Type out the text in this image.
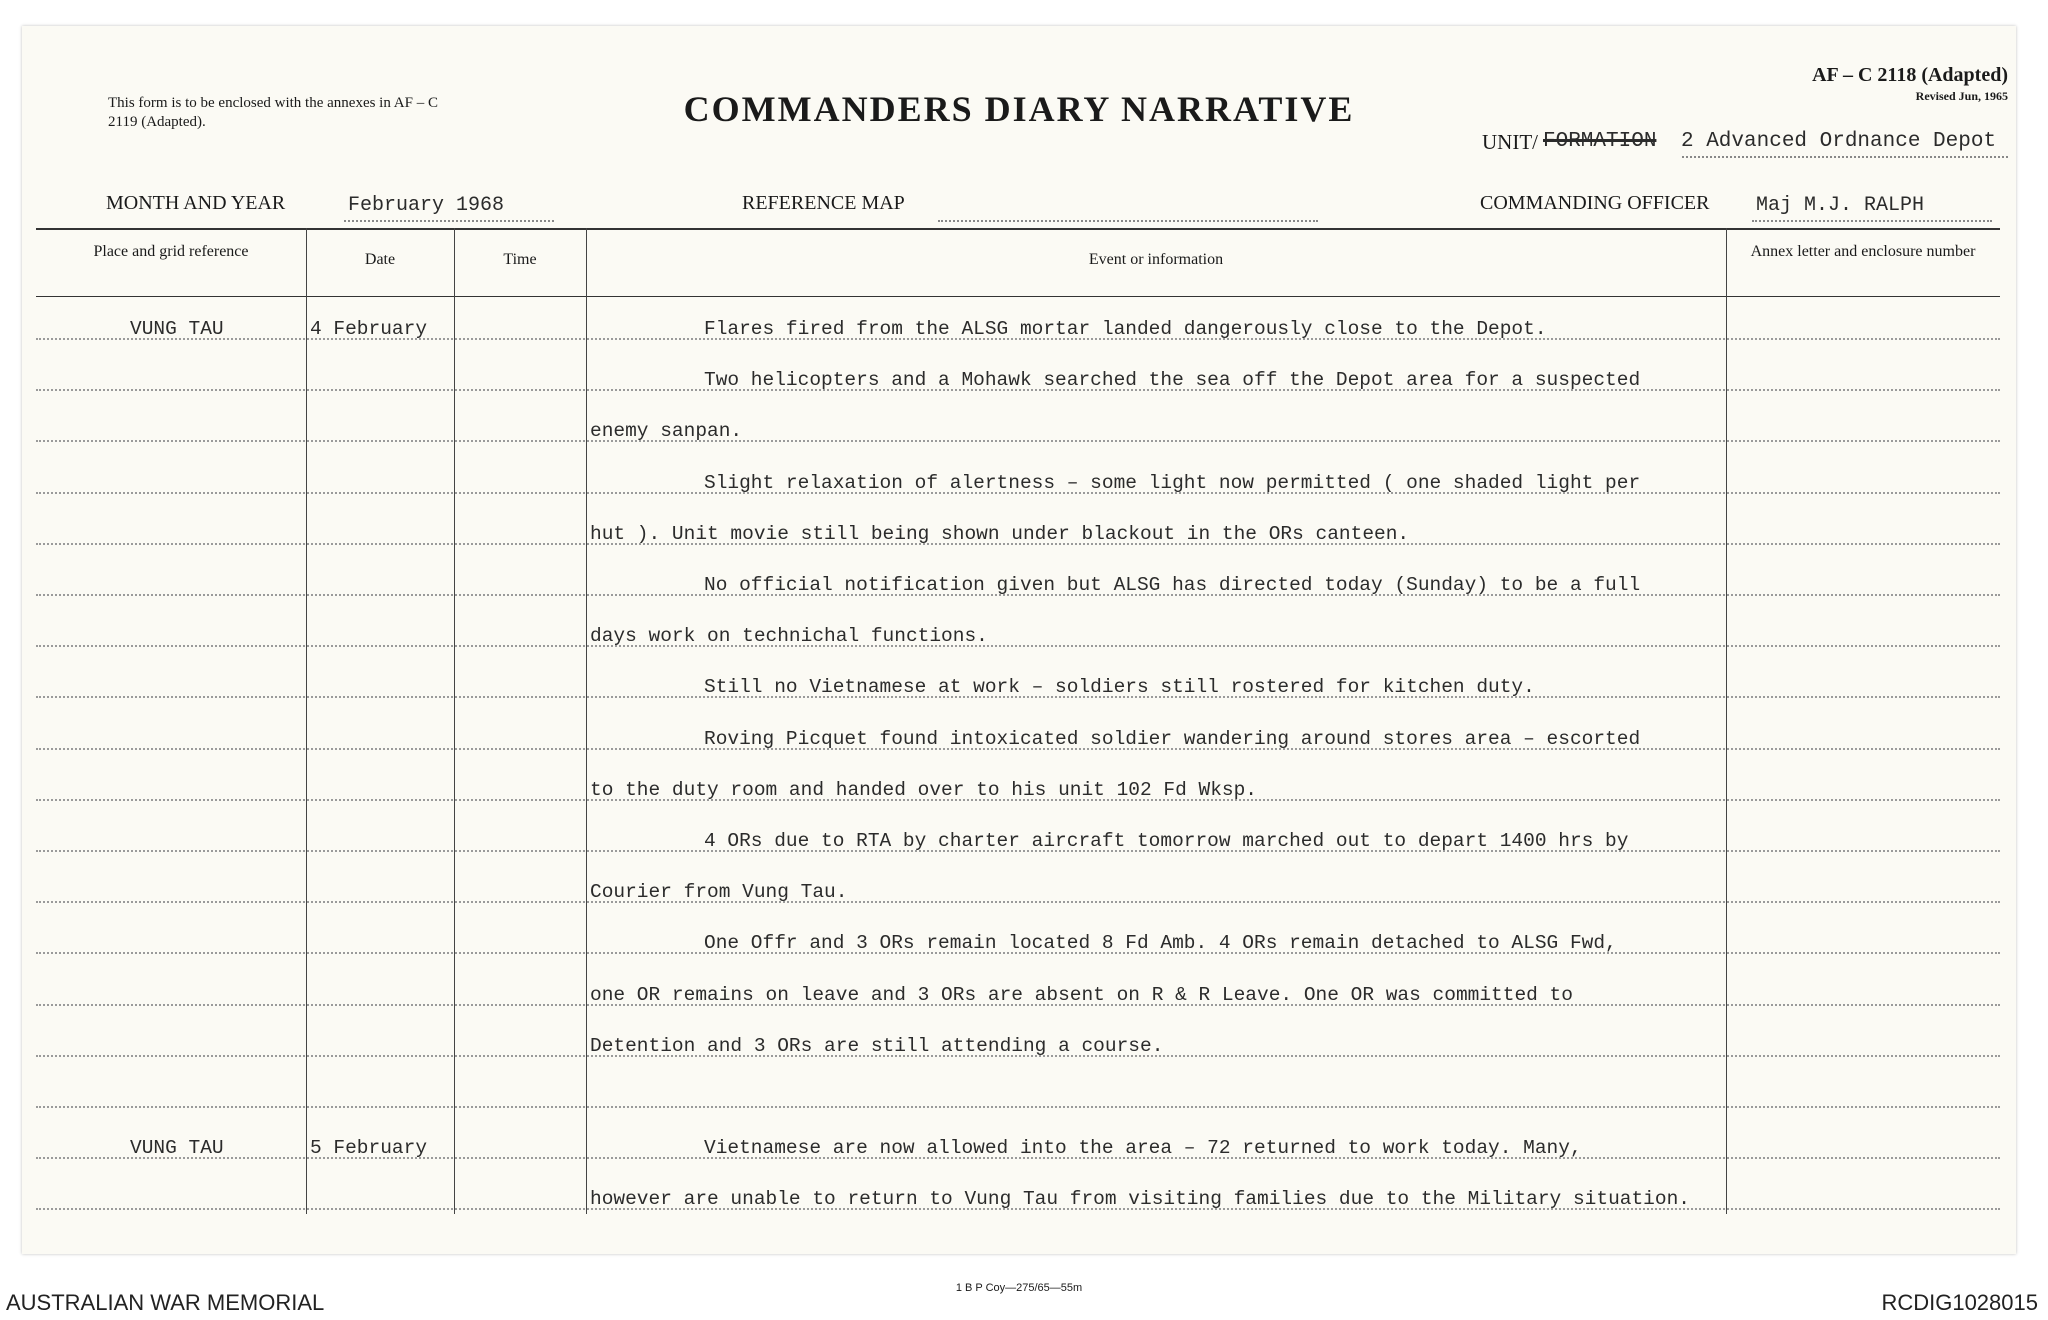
This form is to be enclosed with the annexes in AF – C 2119 (Adapted).	COMMANDERS DIARY NARRATIVE
AF – C 2118 (Adapted)
Revised Jun, 1965
UNIT/ FORMATION 2 Advanced Ordnance Depot
MONTH AND YEAR	February 1968	REFERENCE MAP	COMMANDING OFFICER Maj M.J. RALPH
Place and grid reference	Date	Time	Event or information	Annex letter and enclosure number
VUNG TAU	4 February	Flares fired from the ALSG mortar landed dangerously close to the Depot.
Two helicopters and a Mohawk searched the sea off the Depot area for a suspected
enemy sanpan.
Slight relaxation of alertness – some light now permitted ( one shaded light per
hut ). Unit movie still being shown under blackout in the ORs canteen.
No official notification given but ALSG has directed today (Sunday) to be a full
days work on technichal functions.
Still no Vietnamese at work – soldiers still rostered for kitchen duty.
Roving Picquet found intoxicated soldier wandering around stores area – escorted
to the duty room and handed over to his unit 102 Fd Wksp.
4 ORs due to RTA by charter aircraft tomorrow marched out to depart 1400 hrs by
Courier from Vung Tau.
One Offr and 3 ORs remain located 8 Fd Amb. 4 ORs remain detached to ALSG Fwd,
one OR remains on leave and 3 ORs are absent on R & R Leave. One OR was committed to
Detention and 3 ORs are still attending a course.
VUNG TAU	5 February	Vietnamese are now allowed into the area – 72 returned to work today. Many,
however are unable to return to Vung Tau from visiting families due to the Military situation.
1 B P Coy—275/65—55m
AUSTRALIAN WAR MEMORIAL	RCDIG1028015
